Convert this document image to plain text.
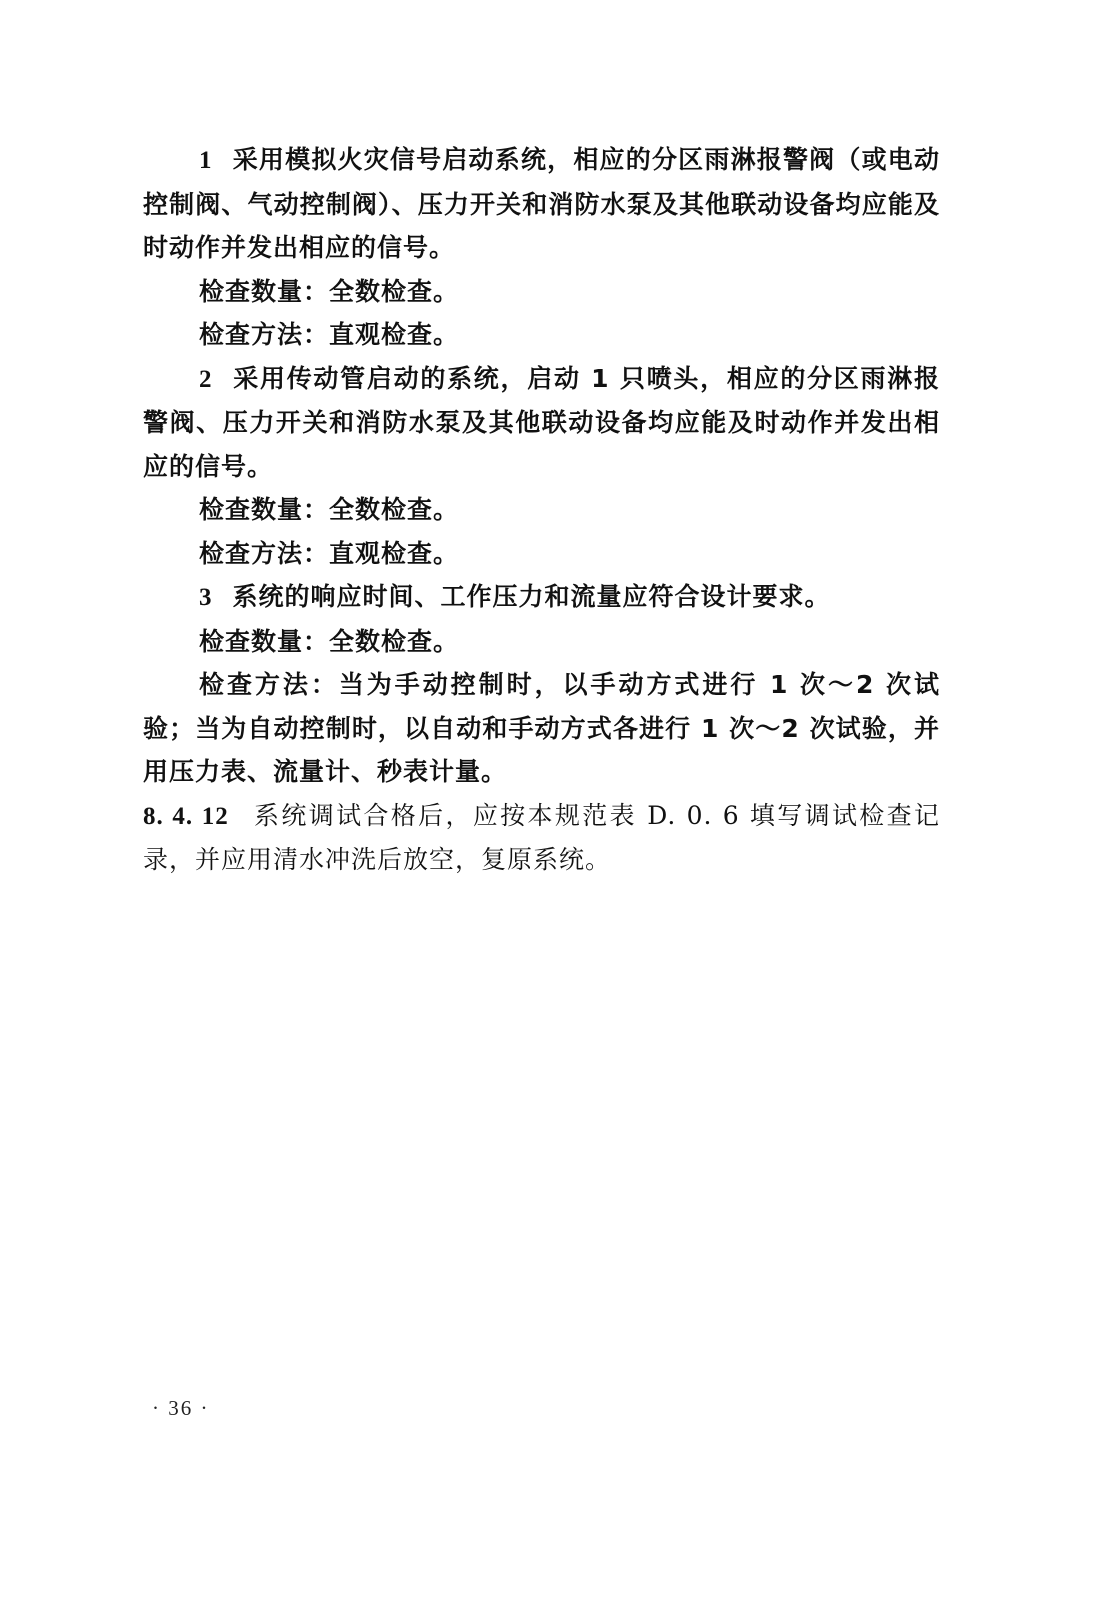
1 采用模拟火灾信号启动系统，相应的分区雨淋报警阀（或电动控制阀、气动控制阀）、压力开关和消防水泵及其他联动设备均应能及时动作并发出相应的信号。

检查数量：全数检查。

检查方法：直观检查。

2 采用传动管启动的系统，启动 1 只喷头，相应的分区雨淋报警阀、压力开关和消防水泵及其他联动设备均应能及时动作并发出相应的信号。

检查数量：全数检查。

检查方法：直观检查。

3 系统的响应时间、工作压力和流量应符合设计要求。

检查数量：全数检查。

检查方法：当为手动控制时，以手动方式进行 1 次～2 次试验；当为自动控制时，以自动和手动方式各进行 1 次～2 次试验，并用压力表、流量计、秒表计量。

8. 4. 12 系统调试合格后，应按本规范表 D. 0. 6 填写调试检查记录，并应用清水冲洗后放空，复原系统。

· 36 ·
